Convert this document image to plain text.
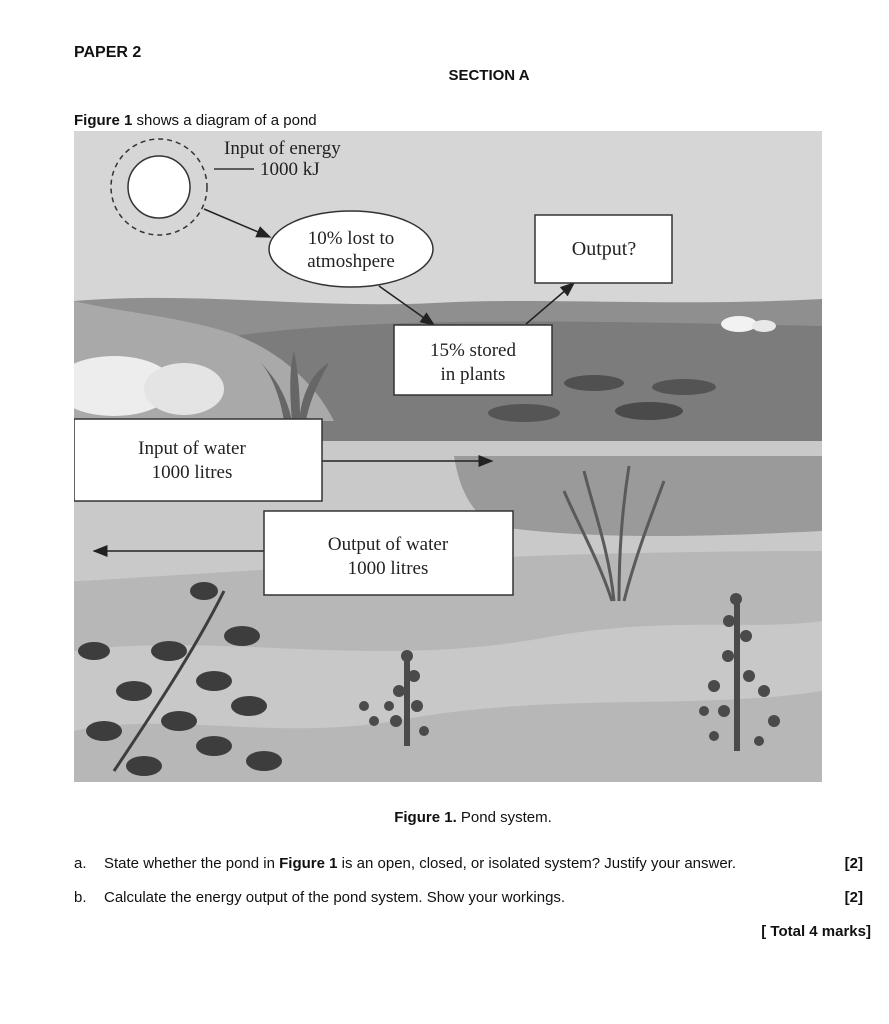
PAPER 2
SECTION A
Figure 1 shows a diagram of a pond
Input of energy
1000 kJ
10% lost to
atmoshpere
Output?
15% stored
in plants
Input of water
1000 litres
Output of water
1000 litres
Figure 1. Pond system.
a. State whether the pond in Figure 1 is an open, closed, or isolated system? Justify your answer.	[2]
b. Calculate the energy output of the pond system. Show your workings.	[2]
[ Total 4 marks]
